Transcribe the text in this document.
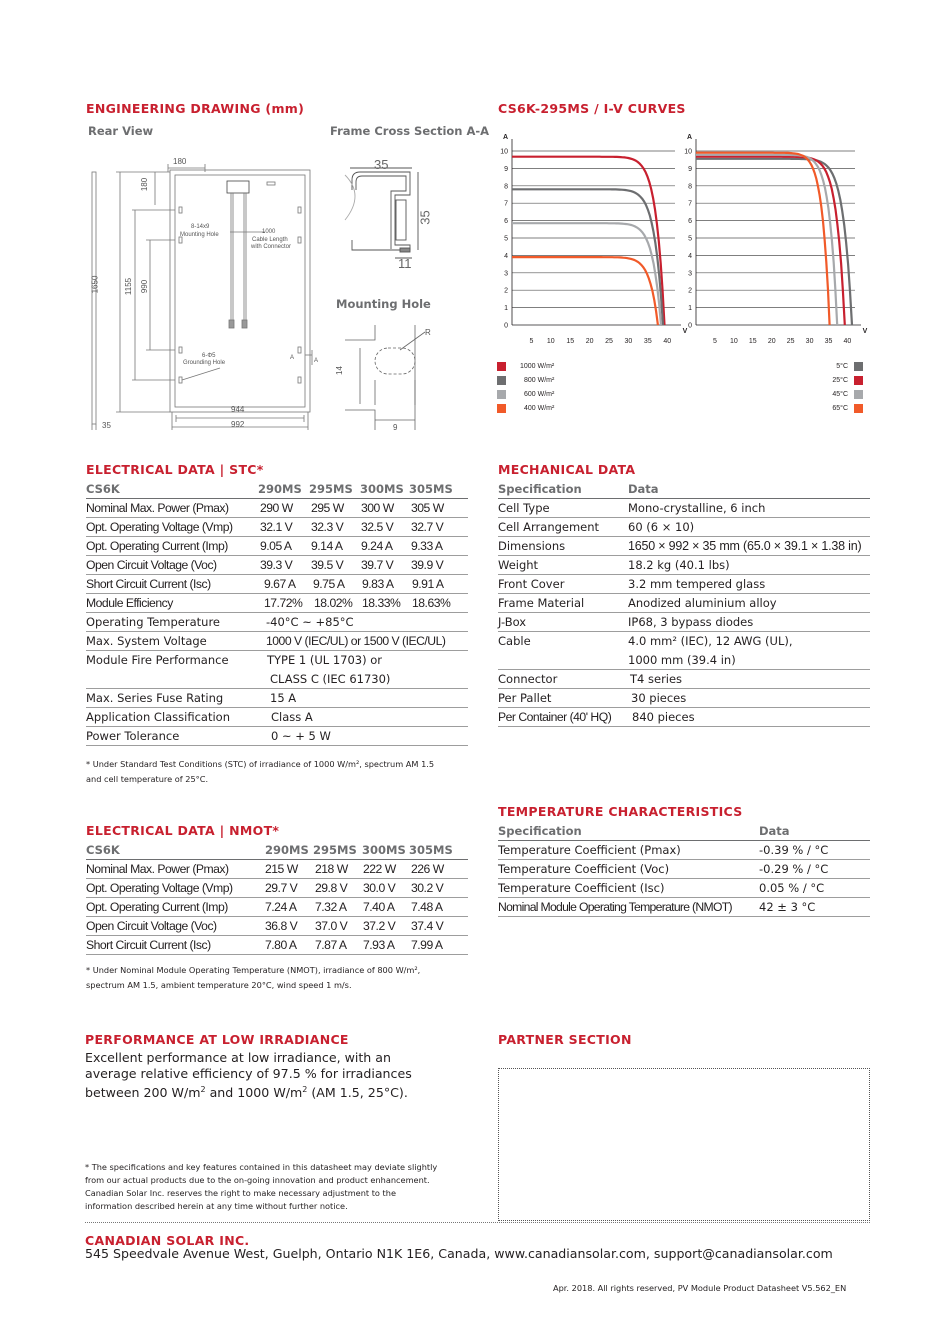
ENGINEERING DRAWING (mm)
Rear View	Frame Cross Section A-A
Mounting Hole
180
180
1650	1155 990
944
992
35
8-14x9
Mounting Hole	1000
Cable Length
with Connector
6-Φ5
Grounding Hole
A	A
35
35
11
R
14
9
CS6K-295MS / I-V CURVES
1
2
3
4
5
6
7
8
9
10
0
5 10 15 20 25 30 35 40
A
V
1
2
3
4
5
6
7
8
9
10
0
5 10 15 20 25 30 35 40
A
V
1000 W/m²
800 W/m²
600 W/m²
400 W/m²
5°C
25°C
45°C
65°C
ELECTRICAL DATA | STC*
CS6K	290MS 295MS 300MS 305MS
Nominal Max. Power (Pmax)	290 W 295 W 300 W 305 W
Opt. Operating Voltage (Vmp) 32.1 V 32.3 V 32.5 V 32.7 V
Opt. Operating Current (Imp)	9.05 A 9.14 A 9.24 A 9.33 A
Open Circuit Voltage (Voc)	39.3 V 39.5 V 39.7 V 39.9 V
Short Circuit Current (Isc)	9.67 A 9.75 A 9.83 A 9.91 A
Module Efficiency	17.72% 18.02% 18.33% 18.63%
Operating Temperature	-40°C ~ +85°C
Max. System Voltage	1000 V (IEC/UL) or 1500 V (IEC/UL)
Module Fire Performance	TYPE 1 (UL 1703) or
CLASS C (IEC 61730)
Max. Series Fuse Rating	15 A
Application Classification	Class A
Power Tolerance	0 ~ + 5 W
* Under Standard Test Conditions (STC) of irradiance of 1000 W/m², spectrum AM 1.5
and cell temperature of 25°C.
ELECTRICAL DATA | NMOT*
CS6K	290MS 295MS 300MS 305MS
Nominal Max. Power (Pmax)	215 W 218 W 222 W 226 W
Opt. Operating Voltage (Vmp)	29.7 V 29.8 V 30.0 V 30.2 V
Opt. Operating Current (Imp)	7.24 A 7.32 A 7.40 A 7.48 A
Open Circuit Voltage (Voc)	36.8 V 37.0 V 37.2 V 37.4 V
Short Circuit Current (Isc)	7.80 A 7.87 A 7.93 A 7.99 A
* Under Nominal Module Operating Temperature (NMOT), irradiance of 800 W/m²,
spectrum AM 1.5, ambient temperature 20°C, wind speed 1 m/s.
MECHANICAL DATA
Specification	Data
Cell Type	Mono-crystalline, 6 inch
Cell Arrangement	60 (6 × 10)
Dimensions	1650 × 992 × 35 mm (65.0 × 39.1 × 1.38 in)
Weight	18.2 kg (40.1 lbs)
Front Cover	3.2 mm tempered glass
Frame Material	Anodized aluminium alloy
J-Box	IP68, 3 bypass diodes
Cable	4.0 mm² (IEC), 12 AWG (UL),
1000 mm (39.4 in)
Connector	T4 series
Per Pallet	30 pieces
Per Container (40' HQ) 840 pieces
TEMPERATURE CHARACTERISTICS
Specification	Data
Temperature Coefficient (Pmax)	-0.39 % / °C
Temperature Coefficient (Voc)	-0.29 % / °C
Temperature Coefficient (Isc)	0.05 % / °C
Nominal Module Operating Temperature (NMOT) 42 ± 3 °C
PERFORMANCE AT LOW IRRADIANCE
Excellent performance at low irradiance, with an
average relative efficiency of 97.5 % for irradiances
between 200 $W/m^2$ and 1000 $W/m^2$ (AM 1.5, 25°C).
PARTNER SECTION
* The specifications and key features contained in this datasheet may deviate slightly
from our actual products due to the on-going innovation and product enhancement.
Canadian Solar Inc. reserves the right to make necessary adjustment to the
information described herein at any time without further notice.
CANADIAN SOLAR INC.
545 Speedvale Avenue West, Guelph, Ontario N1K 1E6, Canada, www.canadiansolar.com, support@canadiansolar.com
Apr. 2018. All rights reserved, PV Module Product Datasheet V5.562_EN
